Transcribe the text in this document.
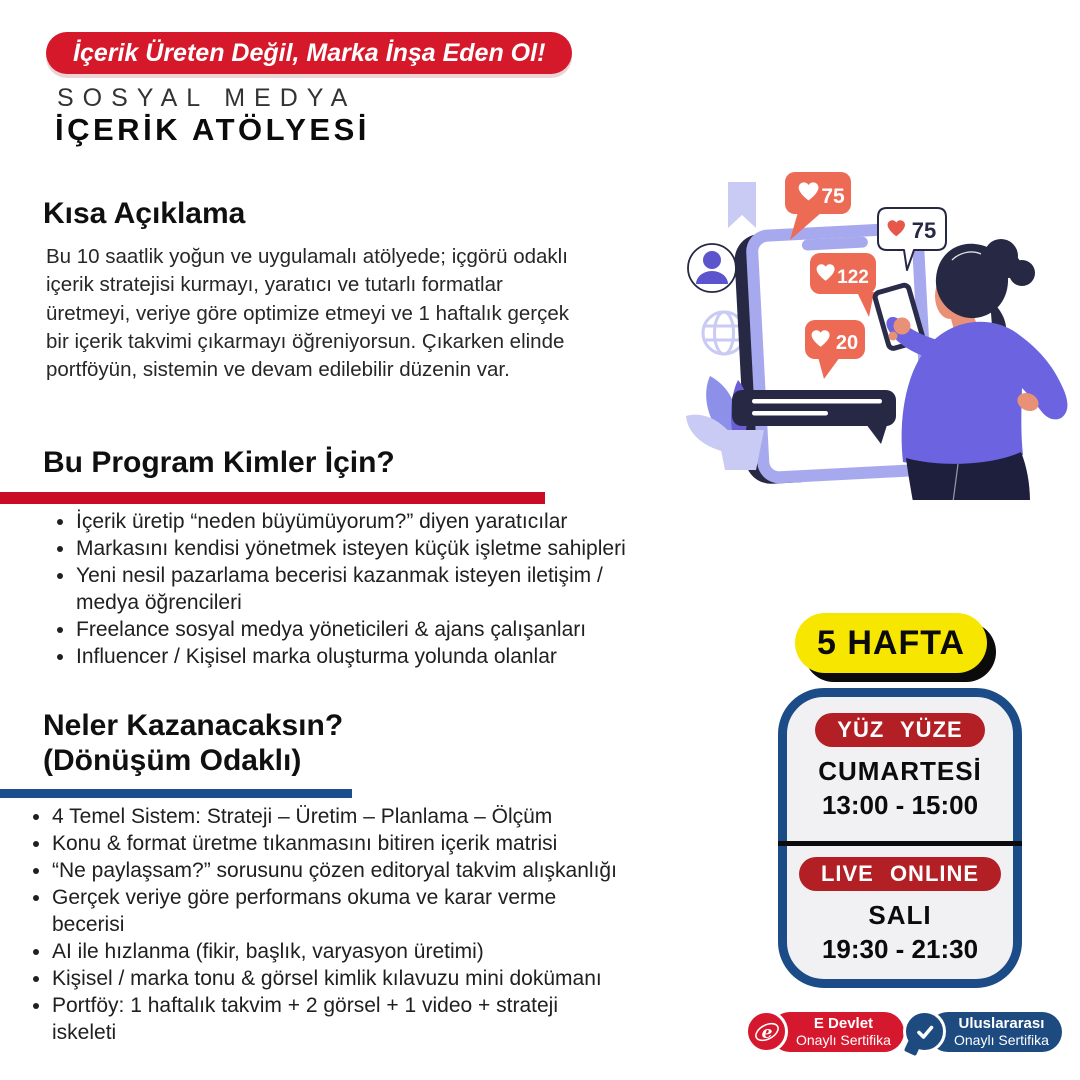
İçerik Üreten Değil, Marka İnşa Eden Ol!
SOSYAL MEDYA
İÇERİK ATÖLYESİ
Kısa Açıklama
Bu 10 saatlik yoğun ve uygulamalı atölyede; içgörü odaklı içerik stratejisi kurmayı, yaratıcı ve tutarlı formatlar üretmeyi, veriye göre optimize etmeyi ve 1 haftalık gerçek bir içerik takvimi çıkarmayı öğreniyorsun. Çıkarken elinde portföyün, sistemin ve devam edilebilir düzenin var.
Bu Program Kimler İçin?
• İçerik üretip “neden büyümüyorum?” diyen yaratıcılar
• Markasını kendisi yönetmek isteyen küçük işletme sahipleri
• Yeni nesil pazarlama becerisi kazanmak isteyen iletişim / medya öğrencileri
• Freelance sosyal medya yöneticileri & ajans çalışanları
• Influencer / Kişisel marka oluşturma yolunda olanlar
Neler Kazanacaksın?
(Dönüşüm Odaklı)
• 4 Temel Sistem: Strateji – Üretim – Planlama – Ölçüm
• Konu & format üretme tıkanmasını bitiren içerik matrisi
• “Ne paylaşsam?” sorusunu çözen editoryal takvim alışkanlığı
• Gerçek veriye göre performans okuma ve karar verme becerisi
• AI ile hızlanma (fikir, başlık, varyasyon üretimi)
• Kişisel / marka tonu & görsel kimlik kılavuzu mini dokümanı
• Portföy: 1 haftalık takvim + 2 görsel + 1 video + strateji iskeleti
75
75
122
20
5 HAFTA
YÜZ YÜZE
CUMARTESİ
13:00 - 15:00
LIVE ONLINE
SALI
19:30 - 21:30
e	E Devlet
Onaylı Sertifika
Uluslararası
Onaylı Sertifika
